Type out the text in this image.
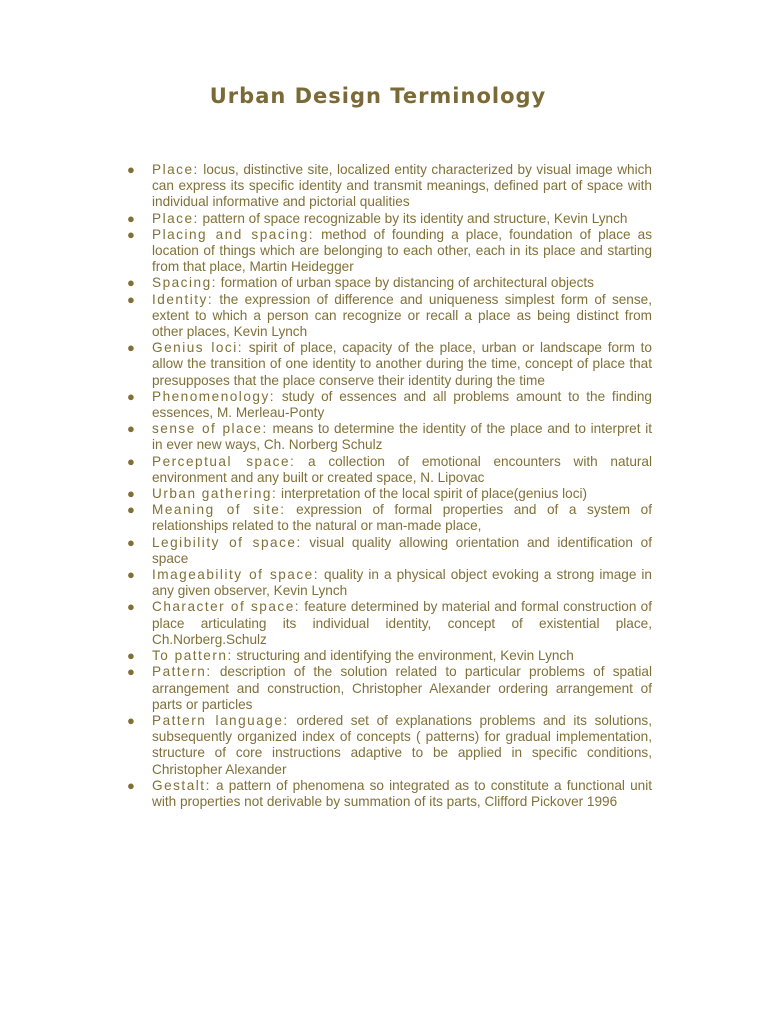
Urban Design Terminology
● Place: locus, distinctive site, localized entity characterized by visual image which can express its specific identity and transmit meanings, defined part of space with individual informative and pictorial qualities
● Place: pattern of space recognizable by its identity and structure, Kevin Lynch
● Placing and spacing: method of founding a place, foundation of place as location of things which are belonging to each other, each in its place and starting from that place, Martin Heidegger
● Spacing: formation of urban space by distancing of architectural objects
● Identity: the expression of difference and uniqueness simplest form of sense, extent to which a person can recognize or recall a place as being distinct from other places, Kevin Lynch
● Genius loci: spirit of place, capacity of the place, urban or landscape form to allow the transition of one identity to another during the time, concept of place that presupposes that the place conserve their identity during the time
● Phenomenology: study of essences and all problems amount to the finding essences, M. Merleau-Ponty
● sense of place: means to determine the identity of the place and to interpret it in ever new ways, Ch. Norberg Schulz
● Perceptual space: a collection of emotional encounters with natural environment and any built or created space, N. Lipovac
● Urban gathering: interpretation of the local spirit of place(genius loci)
● Meaning of site: expression of formal properties and of a system of relationships related to the natural or man-made place,
● Legibility of space: visual quality allowing orientation and identification of space
● Imageability of space: quality in a physical object evoking a strong image in any given observer, Kevin Lynch
● Character of space: feature determined by material and formal construction of place articulating its individual identity, concept of existential place, Ch.Norberg.Schulz
● To pattern: structuring and identifying the environment, Kevin Lynch
● Pattern: description of the solution related to particular problems of spatial arrangement and construction, Christopher Alexander ordering arrangement of parts or particles
● Pattern language: ordered set of explanations problems and its solutions, subsequently organized index of concepts ( patterns) for gradual implementation, structure of core instructions adaptive to be applied in specific conditions, Christopher Alexander
● Gestalt: a pattern of phenomena so integrated as to constitute a functional unit with properties not derivable by summation of its parts, Clifford Pickover 1996
